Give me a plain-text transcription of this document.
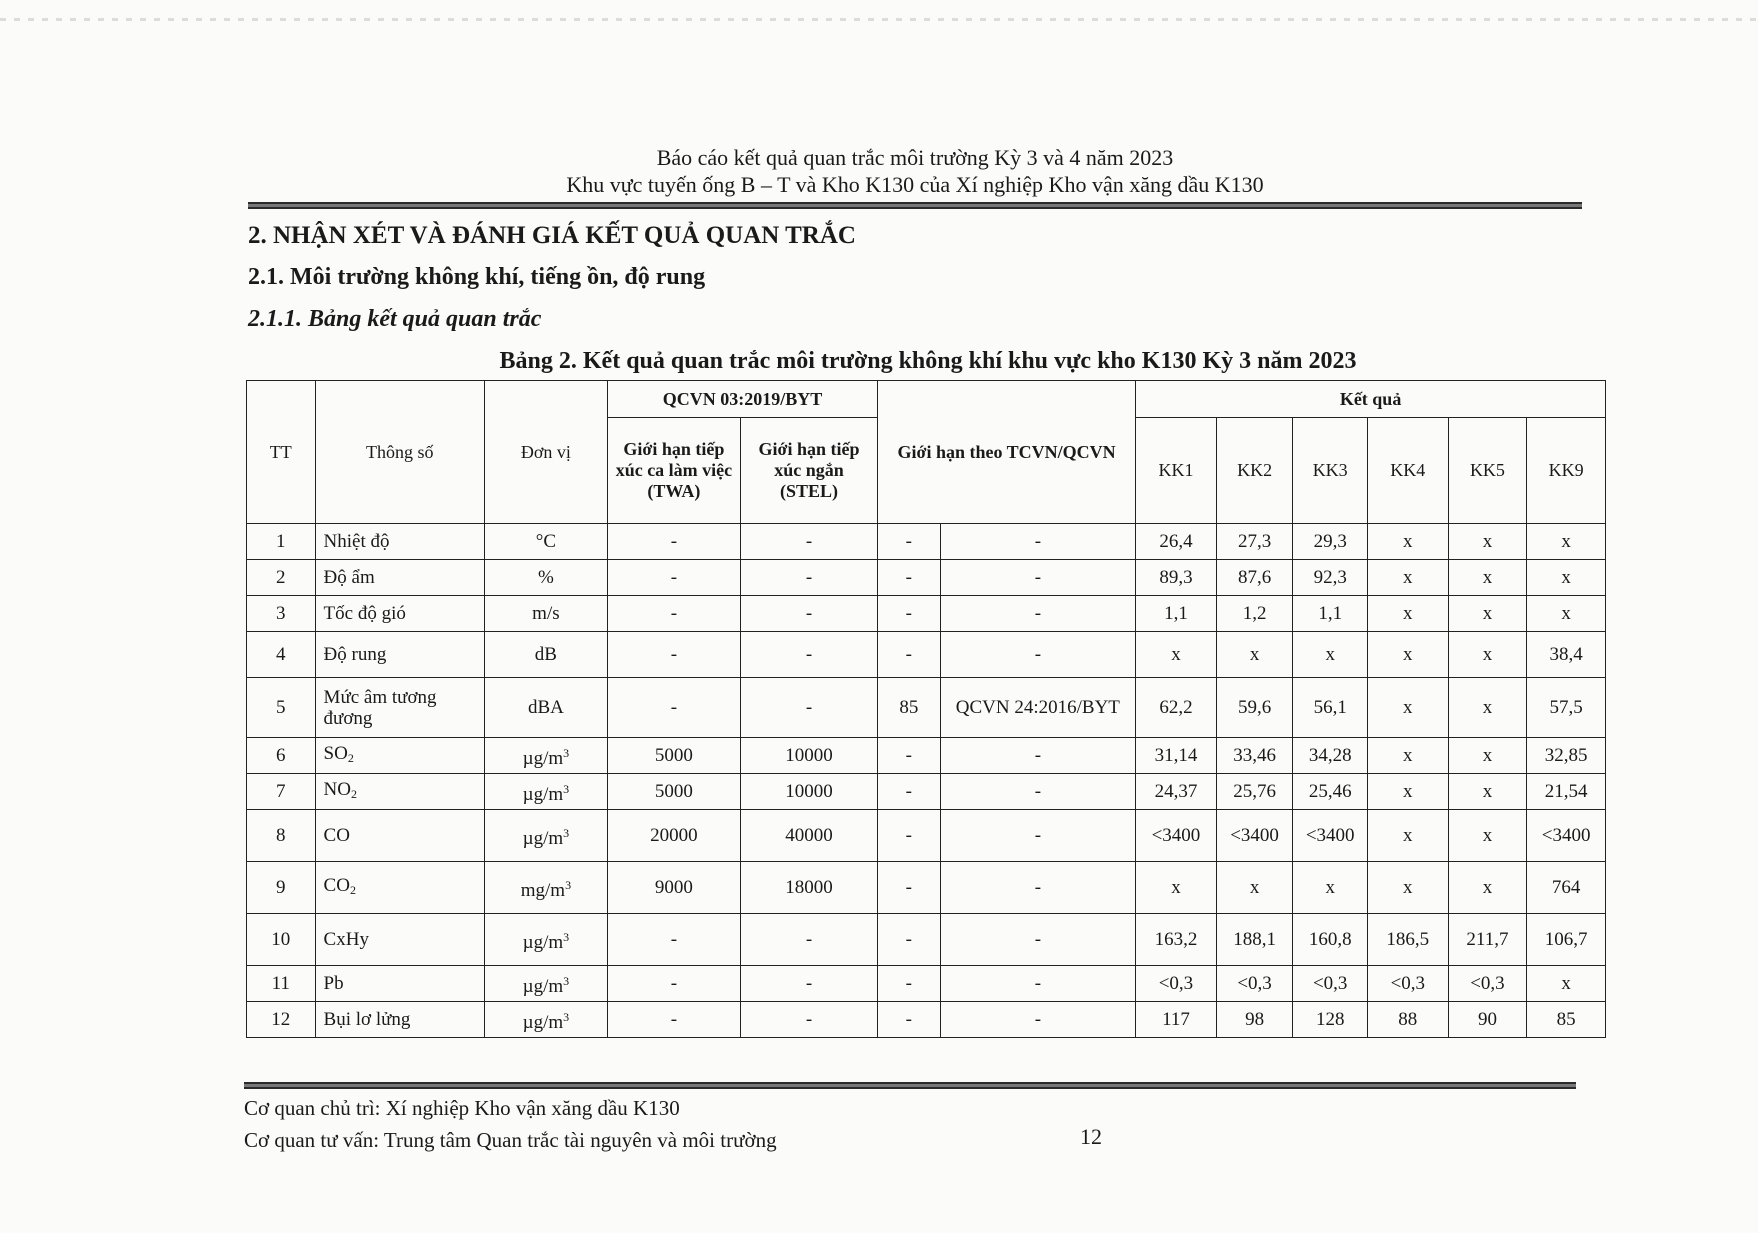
Báo cáo kết quả quan trắc môi trường Kỳ 3 và 4 năm 2023
Khu vực tuyến ống B – T và Kho K130 của Xí nghiệp Kho vận xăng dầu K130
2. NHẬN XÉT VÀ ĐÁNH GIÁ KẾT QUẢ QUAN TRẮC
2.1. Môi trường không khí, tiếng ồn, độ rung
2.1.1. Bảng kết quả quan trắc
Bảng 2. Kết quả quan trắc môi trường không khí khu vực kho K130 Kỳ 3 năm 2023
TT	Thông số	Đơn vị	QCVN 03:2019/BYT		Giới hạn theo TCVN/QCVN		Kết quả					
			Giới hạn tiếp xúc ca làm việc (TWA)	Giới hạn tiếp xúc ngắn (STEL)			KK1	KK2	KK3	KK4	KK5	KK9
1	Nhiệt độ	°C	-	-	-	-	26,4	27,3	29,3	x	x	x
2	Độ ẩm	%	-	-	-	-	89,3	87,6	92,3	x	x	x
3	Tốc độ gió	m/s	-	-	-	-	1,1	1,2	1,1	x	x	x
4	Độ rung	dB	-	-	-	-	x	x	x	x	x	38,4
5	Mức âm tương đương	dBA	-	-	85	QCVN 24:2016/BYT	62,2	59,6	56,1	x	x	57,5
6	$SO_2$	$\mu g/m^3$	5000	10000	-	-	31,14	33,46	34,28	x	x	32,85
7	$NO_2$	$\mu g/m^3$	5000	10000	-	-	24,37	25,76	25,46	x	x	21,54
8	CO	$\mu g/m^3$	20000	40000	-	-	<3400	<3400	<3400	x	x	<3400
9	$CO_2$	$mg/m^3$	9000	18000	-	-	x	x	x	x	x	764
10	CxHy	$\mu g/m^3$	-	-	-	-	163,2	188,1	160,8	186,5	211,7	106,7
11	Pb	$\mu g/m^3$	-	-	-	-	<0,3	<0,3	<0,3	<0,3	<0,3	x
12	Bụi lơ lửng	$\mu g/m^3$	-	-	-	-	117	98	128	88	90	85
Cơ quan chủ trì: Xí nghiệp Kho vận xăng dầu K130
Cơ quan tư vấn: Trung tâm Quan trắc tài nguyên và môi trường	12
